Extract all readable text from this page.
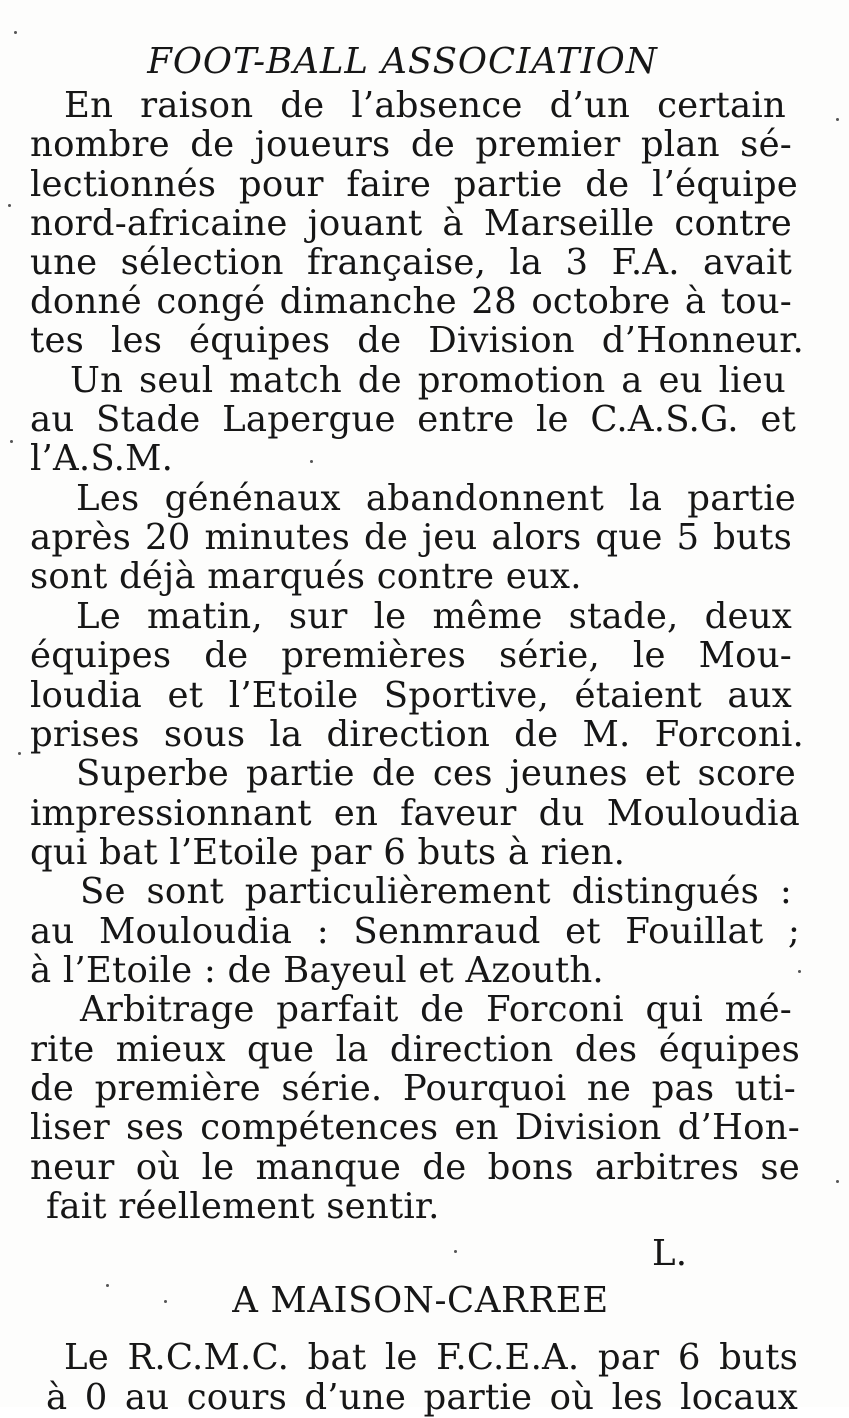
FOOT-BALL ASSOCIATION
En raison de l’absence d’un certain
nombre de joueurs de premier plan sé-
lectionnés pour faire partie de l’équipe
nord-africaine jouant à Marseille contre
une sélection française, la 3 F.A. avait
donné congé dimanche 28 octobre à tou-
tes les équipes de Division d’Honneur.
Un seul match de promotion a eu lieu
au Stade Lapergue entre le C.A.S.G. et
l’A.S.M.
Les génénaux abandonnent la partie
après 20 minutes de jeu alors que 5 buts
sont déjà marqués contre eux.
Le matin, sur le même stade, deux
équipes de premières série, le Mou-
loudia et l’Etoile Sportive, étaient aux
prises sous la direction de M. Forconi.
Superbe partie de ces jeunes et score
impressionnant en faveur du Mouloudia
qui bat l’Etoile par 6 buts à rien.
Se sont particulièrement distingués :
au Mouloudia : Senmraud et Fouillat ;
à l’Etoile : de Bayeul et Azouth.
Arbitrage parfait de Forconi qui mé-
rite mieux que la direction des équipes
de première série. Pourquoi ne pas uti-
liser ses compétences en Division d’Hon-
neur où le manque de bons arbitres se
fait réellement sentir.
L.
A MAISON-CARREE
Le R.C.M.C. bat le F.C.E.A. par 6 buts
à 0 au cours d’une partie où les locaux
